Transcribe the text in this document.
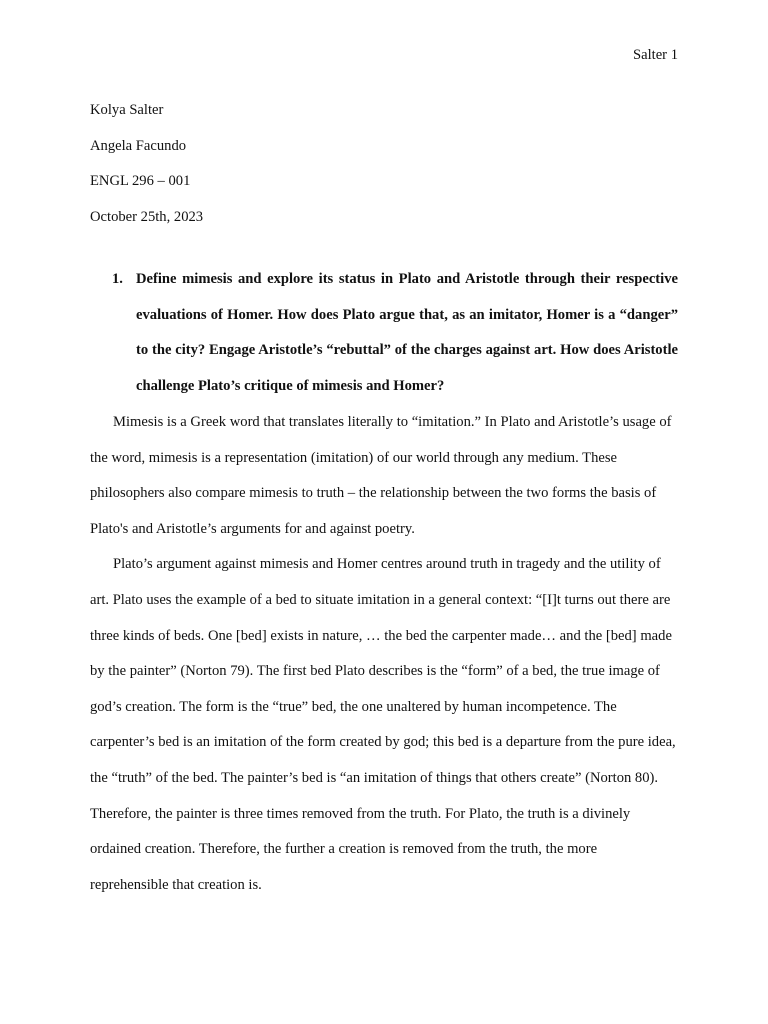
Salter 1
Kolya Salter
Angela Facundo
ENGL 296 – 001
October 25th, 2023
1. Define mimesis and explore its status in Plato and Aristotle through their respective evaluations of Homer. How does Plato argue that, as an imitator, Homer is a “danger” to the city? Engage Aristotle’s “rebuttal” of the charges against art. How does Aristotle challenge Plato’s critique of mimesis and Homer?

Mimesis is a Greek word that translates literally to “imitation.” In Plato and Aristotle’s usage of the word, mimesis is a representation (imitation) of our world through any medium. These philosophers also compare mimesis to truth – the relationship between the two forms the basis of Plato's and Aristotle’s arguments for and against poetry.

Plato’s argument against mimesis and Homer centres around truth in tragedy and the utility of art. Plato uses the example of a bed to situate imitation in a general context: “[I]t turns out there are three kinds of beds. One [bed] exists in nature, … the bed the carpenter made… and the [bed] made by the painter” (Norton 79). The first bed Plato describes is the “form” of a bed, the true image of god’s creation. The form is the “true” bed, the one unaltered by human incompetence. The carpenter’s bed is an imitation of the form created by god; this bed is a departure from the pure idea, the “truth” of the bed. The painter’s bed is “an imitation of things that others create” (Norton 80). Therefore, the painter is three times removed from the truth. For Plato, the truth is a divinely ordained creation. Therefore, the further a creation is removed from the truth, the more reprehensible that creation is.
